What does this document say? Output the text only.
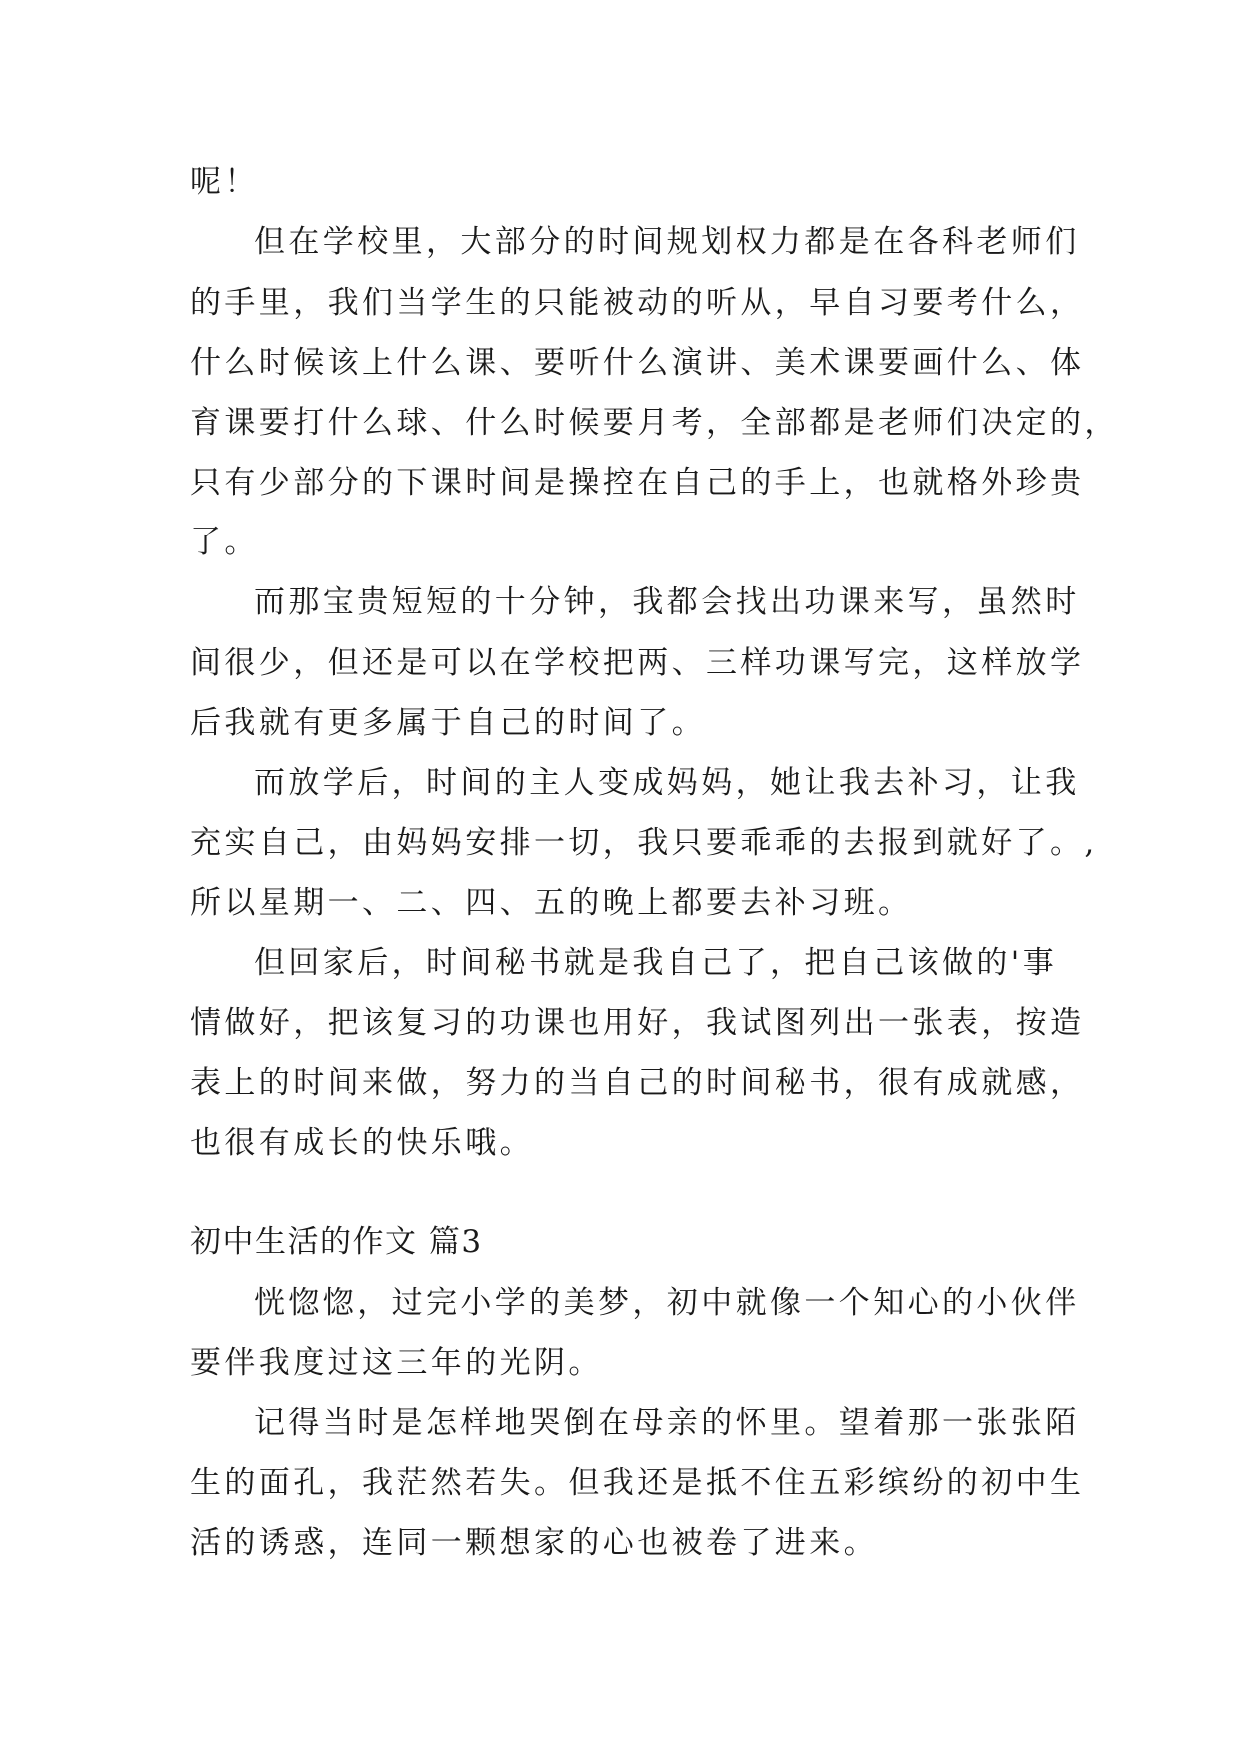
呢！
但在学校里，大部分的时间规划权力都是在各科老师们
的手里，我们当学生的只能被动的听从，早自习要考什么，
什么时候该上什么课、要听什么演讲、美术课要画什么、体
育课要打什么球、什么时候要月考，全部都是老师们决定的，
只有少部分的下课时间是操控在自己的手上，也就格外珍贵
了。
而那宝贵短短的十分钟，我都会找出功课来写，虽然时
间很少，但还是可以在学校把两、三样功课写完，这样放学
后我就有更多属于自己的时间了。
而放学后，时间的主人变成妈妈，她让我去补习，让我
充实自己，由妈妈安排一切，我只要乖乖的去报到就好了。,
所以星期一、二、四、五的晚上都要去补习班。
但回家后，时间秘书就是我自己了，把自己该做的'事
情做好，把该复习的功课也用好，我试图列出一张表，按造
表上的时间来做，努力的当自己的时间秘书，很有成就感，
也很有成长的快乐哦。
初中生活的作文 篇3
恍惚惚，过完小学的美梦，初中就像一个知心的小伙伴
要伴我度过这三年的光阴。
记得当时是怎样地哭倒在母亲的怀里。望着那一张张陌
生的面孔，我茫然若失。但我还是抵不住五彩缤纷的初中生
活的诱惑，连同一颗想家的心也被卷了进来。
